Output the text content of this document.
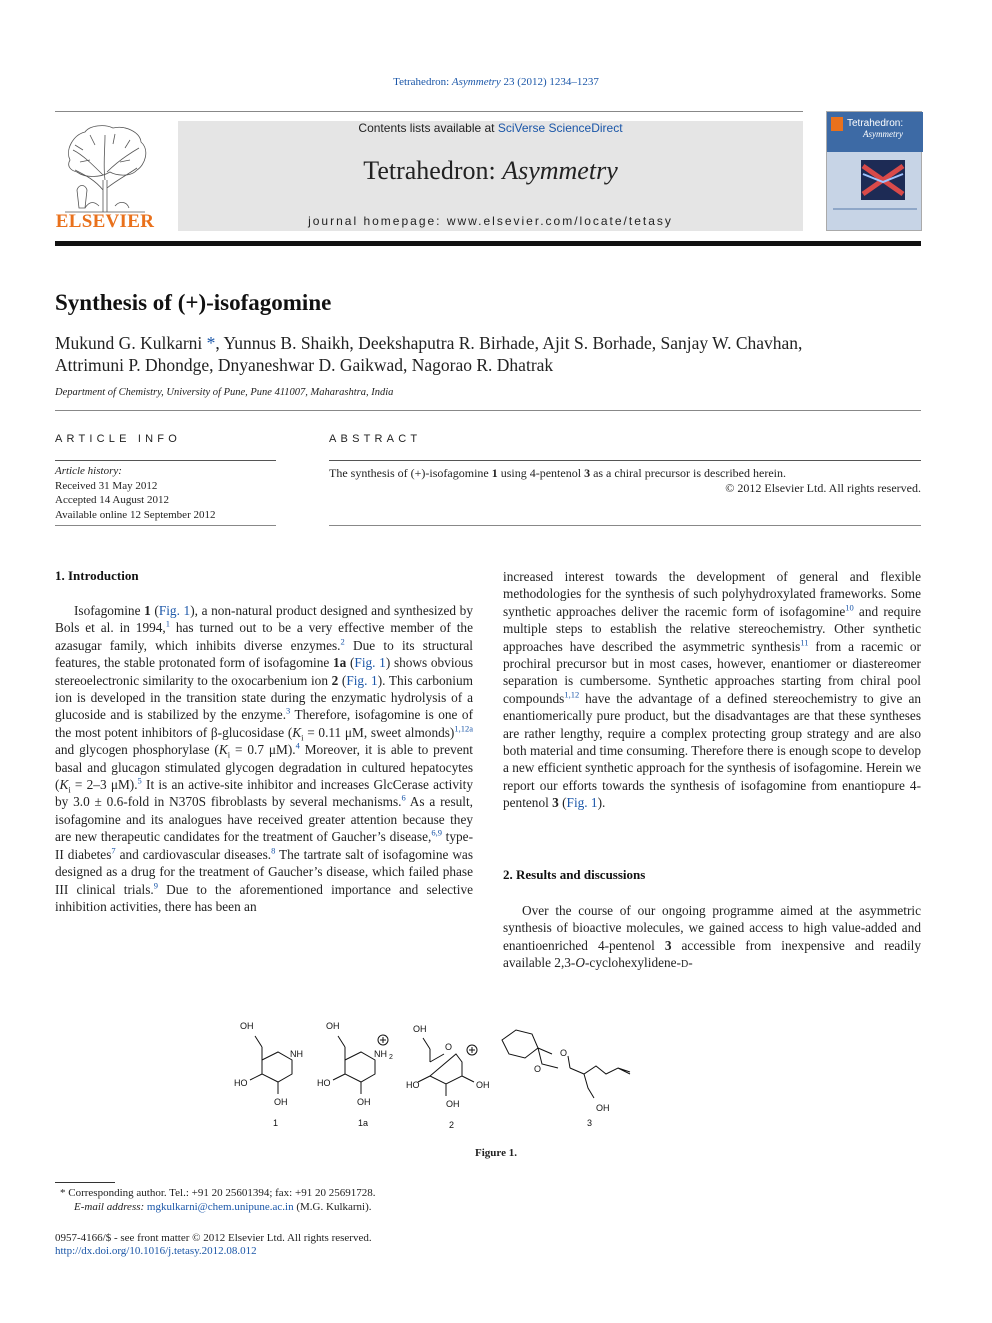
Tetrahedron: Asymmetry 23 (2012) 1234–1237
ELSEVIER
Contents lists available at SciVerse ScienceDirect
Tetrahedron: Asymmetry
journal homepage: www.elsevier.com/locate/tetasy
Tetrahedron:
Asymmetry
Synthesis of (+)-isofagomine
Mukund G. Kulkarni *, Yunnus B. Shaikh, Deekshaputra R. Birhade, Ajit S. Borhade, Sanjay W. Chavhan,
Attrimuni P. Dhondge, Dnyaneshwar D. Gaikwad, Nagorao R. Dhatrak
Department of Chemistry, University of Pune, Pune 411007, Maharashtra, India
ARTICLE INFO	ABSTRACT
Article history:
Received 31 May 2012
Accepted 14 August 2012
Available online 12 September 2012
The synthesis of (+)-isofagomine 1 using 4-pentenol 3 as a chiral precursor is described herein.
© 2012 Elsevier Ltd. All rights reserved.
1. Introduction
Isofagomine 1 (Fig. 1), a non-natural product designed and synthesized by Bols et al. in 1994,$^1$ has turned out to be a very effective member of the azasugar family, which inhibits diverse enzymes.$^2$ Due to its structural features, the stable protonated form of isofagomine 1a (Fig. 1) shows obvious stereoelectronic similarity to the oxocarbenium ion 2 (Fig. 1). This carbonium ion is developed in the transition state during the enzymatic hydrolysis of a glucoside and is stabilized by the enzyme.$^3$ Therefore, isofagomine is one of the most potent inhibitors of β-glucosidase ($K_i = 0.11$ μM, sweet almonds)$^{1,12a}$ and glycogen phosphorylase ($K_i = 0.7$ μM).$^4$ Moreover, it is able to prevent basal and glucagon stimulated glycogen degradation in cultured hepatocytes ($K_i = 2-3$ μM).$^5$ It is an active-site inhibitor and increases GlcCerase activity by 3.0 ± 0.6-fold in N370S fibroblasts by several mechanisms.$^6$ As a result, isofagomine and its analogues have received greater attention because they are new therapeutic candidates for the treatment of Gaucher’s disease,$^{6,9}$ type-II diabetes$^7$ and cardiovascular diseases.$^8$ The tartrate salt of isofagomine was designed as a drug for the treatment of Gaucher’s disease, which failed phase III clinical trials.$^9$ Due to the aforementioned importance and selective inhibition activities, there has been an
increased interest towards the development of general and flexible methodologies for the synthesis of such polyhydroxylated frameworks. Some synthetic approaches deliver the racemic form of isofagomine$^{10}$ and require multiple steps to establish the relative stereochemistry. Other synthetic approaches have described the asymmetric synthesis$^{11}$ from a racemic or prochiral precursor but in most cases, however, enantiomer or diastereomer separation is cumbersome. Synthetic approaches starting from chiral pool compounds$^{1,12}$ have the advantage of a defined stereochemistry to give an enantiomerically pure product, but the disadvantages are that these syntheses are rather lengthy, require a complex protecting group strategy and are also both material and time consuming. Therefore there is enough scope to develop a new efficient synthetic approach for the synthesis of isofagomine. Herein we report our efforts towards the synthesis of isofagomine from enantiopure 4-pentenol 3 (Fig. 1).
2. Results and discussions
Over the course of our ongoing programme aimed at the asymmetric synthesis of bioactive molecules, we gained access to high value-added and enantioenriched 4-pentenol 3 accessible from inexpensive and readily available 2,3-O-cyclohexylidene-D-
OH
NH
HO
OH
1
OH
NH 2
HO
OH
1a
OH
O
HO	OH
OH
2
O
O
OH
3
Figure 1.
* Corresponding author. Tel.: +91 20 25601394; fax: +91 20 25691728.
E-mail address: mgkulkarni@chem.unipune.ac.in (M.G. Kulkarni).
0957-4166/$ - see front matter © 2012 Elsevier Ltd. All rights reserved.
http://dx.doi.org/10.1016/j.tetasy.2012.08.012
